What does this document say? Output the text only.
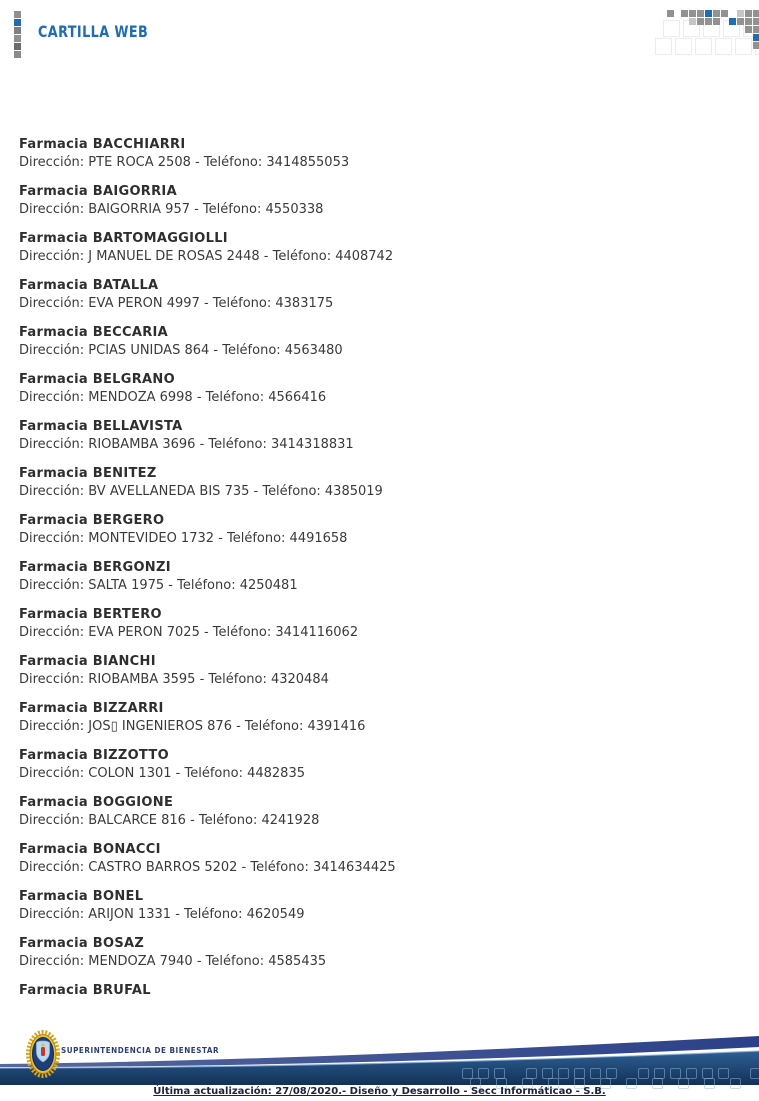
CARTILLA WEB
Farmacia BACCHIARRI
Dirección: PTE ROCA 2508 - Teléfono: 3414855053
Farmacia BAIGORRIA
Dirección: BAIGORRIA 957 - Teléfono: 4550338
Farmacia BARTOMAGGIOLLI
Dirección: J MANUEL DE ROSAS 2448 - Teléfono: 4408742
Farmacia BATALLA
Dirección: EVA PERON 4997 - Teléfono: 4383175
Farmacia BECCARIA
Dirección: PCIAS UNIDAS 864 - Teléfono: 4563480
Farmacia BELGRANO
Dirección: MENDOZA 6998 - Teléfono: 4566416
Farmacia BELLAVISTA
Dirección: RIOBAMBA 3696 - Teléfono: 3414318831
Farmacia BENITEZ
Dirección: BV AVELLANEDA BIS 735 - Teléfono: 4385019
Farmacia BERGERO
Dirección: MONTEVIDEO 1732 - Teléfono: 4491658
Farmacia BERGONZI
Dirección: SALTA 1975 - Teléfono: 4250481
Farmacia BERTERO
Dirección: EVA PERON 7025 - Teléfono: 3414116062
Farmacia BIANCHI
Dirección: RIOBAMBA 3595 - Teléfono: 4320484
Farmacia BIZZARRI
Dirección: JOS▯ INGENIEROS 876 - Teléfono: 4391416
Farmacia BIZZOTTO
Dirección: COLON 1301 - Teléfono: 4482835
Farmacia BOGGIONE
Dirección: BALCARCE 816 - Teléfono: 4241928
Farmacia BONACCI
Dirección: CASTRO BARROS 5202 - Teléfono: 3414634425
Farmacia BONEL
Dirección: ARIJON 1331 - Teléfono: 4620549
Farmacia BOSAZ
Dirección: MENDOZA 7940 - Teléfono: 4585435
Farmacia BRUFAL
SUPERINTENDENCIA DE BIENESTAR
Última actualización: 27/08/2020.- Diseño y Desarrollo - Secc Informáticao - S.B.
